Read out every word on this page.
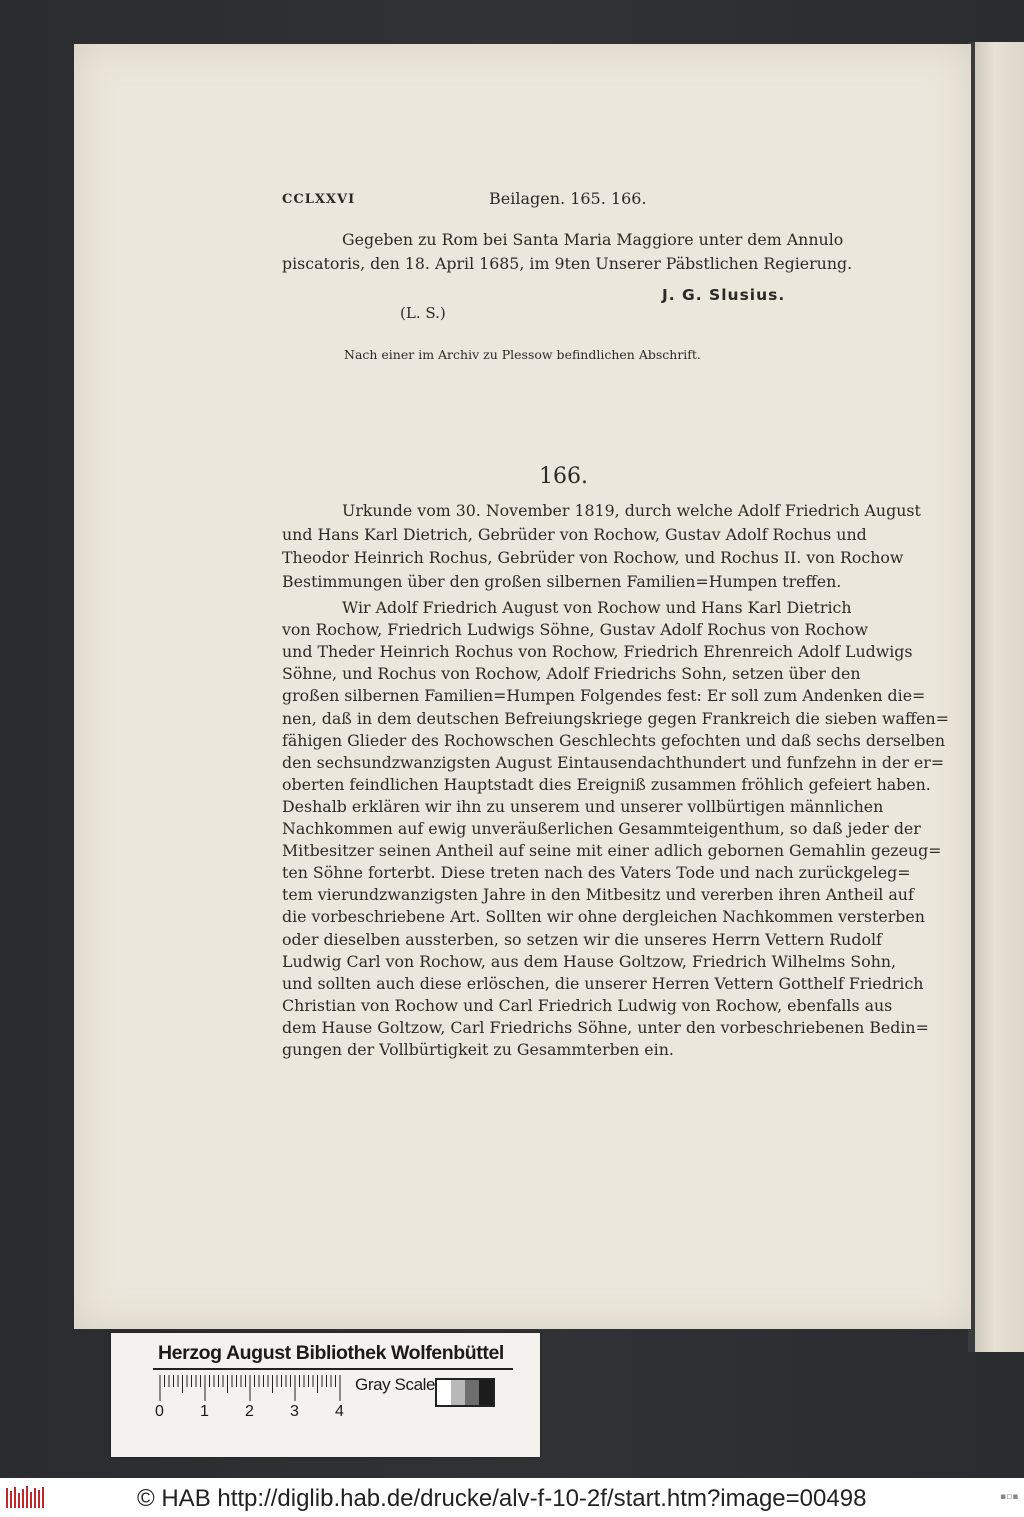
CCLXXVI	Beilagen. 165. 166.

Gegeben zu Rom bei Santa Maria Maggiore unter dem Annulo

piscatoris, den 18. April 1685, im 9ten Unserer Päbstlichen Regierung.

J. G. Slusius.

(L. S.)

Nach einer im Archiv zu Plessow befindlichen Abschrift.

166.

Urkunde vom 30. November 1819, durch welche Adolf Friedrich August

und Hans Karl Dietrich, Gebrüder von Rochow, Gustav Adolf Rochus und

Theodor Heinrich Rochus, Gebrüder von Rochow, und Rochus II. von Rochow

Bestimmungen über den großen silbernen Familien=Humpen treffen.

Wir Adolf Friedrich August von Rochow und Hans Karl Dietrich

von Rochow, Friedrich Ludwigs Söhne, Gustav Adolf Rochus von Rochow

und Theder Heinrich Rochus von Rochow, Friedrich Ehrenreich Adolf Ludwigs

Söhne, und Rochus von Rochow, Adolf Friedrichs Sohn, setzen über den

großen silbernen Familien=Humpen Folgendes fest: Er soll zum Andenken die=

nen, daß in dem deutschen Befreiungskriege gegen Frankreich die sieben waffen=

fähigen Glieder des Rochowschen Geschlechts gefochten und daß sechs derselben

den sechsundzwanzigsten August Eintausendachthundert und funfzehn in der er=

oberten feindlichen Hauptstadt dies Ereigniß zusammen fröhlich gefeiert haben.

Deshalb erklären wir ihn zu unserem und unserer vollbürtigen männlichen

Nachkommen auf ewig unveräußerlichen Gesammteigenthum, so daß jeder der

Mitbesitzer seinen Antheil auf seine mit einer adlich gebornen Gemahlin gezeug=

ten Söhne forterbt. Diese treten nach des Vaters Tode und nach zurückgeleg=

tem vierundzwanzigsten Jahre in den Mitbesitz und vererben ihren Antheil auf

die vorbeschriebene Art. Sollten wir ohne dergleichen Nachkommen versterben

oder dieselben aussterben, so setzen wir die unseres Herrn Vettern Rudolf

Ludwig Carl von Rochow, aus dem Hause Goltzow, Friedrich Wilhelms Sohn,

und sollten auch diese erlöschen, die unserer Herren Vettern Gotthelf Friedrich

Christian von Rochow und Carl Friedrich Ludwig von Rochow, ebenfalls aus

dem Hause Goltzow, Carl Friedrichs Söhne, unter den vorbeschriebenen Bedin=

gungen der Vollbürtigkeit zu Gesammterben ein.

Herzog August Bibliothek Wolfenbüttel
Gray Scale
0 1 2 3 4
© HAB http://diglib.hab.de/drucke/alv-f-10-2f/start.htm?image=00498	▪▫▪
